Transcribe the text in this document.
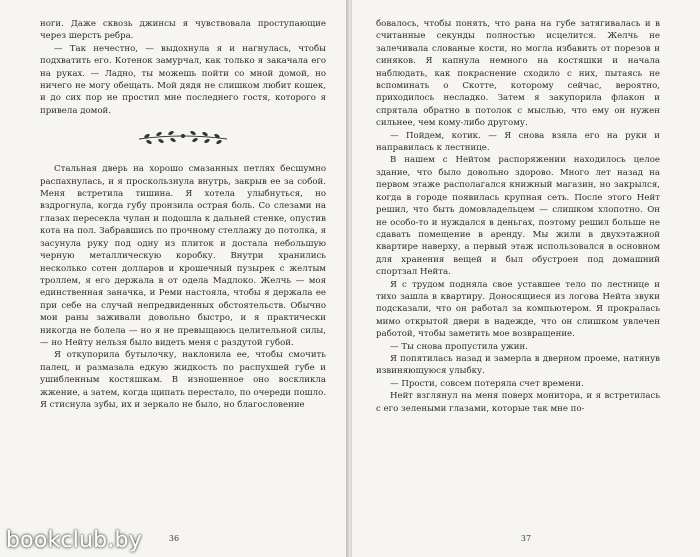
ноги. Даже сквозь джинсы я чувствовала проступающие через шерсть ребра.

— Так нечестно, — выдохнула я и нагнулась, чтобы подхватить его. Котенок замурчал, как только я закачала его на руках. — Ладно, ты можешь пойти со мной домой, но ничего не могу обещать. Мой дядя не слишком любит кошек, и до сих пор не простил мне последнего гостя, которого я привела домой.

Стальная дверь на хорошо смазанных петлях бесшумно распахнулась, и я проскользнула внутрь, закрыв ее за собой. Меня встретила тишина. Я хотела улыбнуться, но вздрогнула, когда губу пронзила острая боль. Со слезами на глазах пересекла чулан и подошла к дальней стенке, опустив кота на пол. Забравшись по прочному стеллажу до потолка, я засунула руку под одну из плиток и достала небольшую черную металлическую коробку. Внутри хранились несколько сотен долларов и крошечный пузырек с желтым троллем, я его держала в от одела Мадлоко. Желчь — моя единственная заначка, и Реми настояла, чтобы я держала ее при себе на случай непредвиденных обстоятельств. Обычно мои раны заживали довольно быстро, и я практически никогда не болела — но я не превыщаюсь целительной силы, — но Нейту нельзя было видеть меня с раздутой губой.

Я откупорила бутылочку, наклонила ее, чтобы смочить палец, и размазала едкую жидкость по распухшей губе и ушибленным костяшкам. В изношенное оно воскликла жжение, а затем, когда щипать перестало, по очереди пошло. Я стиснула зубы, их и зеркало не было, но благословение

36

бовалось, чтобы понять, что рана на губе затягивалась и в считанные секунды полностью исцелится. Желчь не залечивала слованые кости, но могла избавить от порезов и синяков. Я капнула немного на костяшки и начала наблюдать, как покраснение сходило с них, пытаясь не вспоминать о Скотте, которому сейчас, вероятно, приходилось несладко. Затем я закупорила флакон и спрятала обратно в потолок с мыслью, что ему он нужен сильнее, чем кому-либо другому.

— Пойдем, котик. — Я снова взяла его на руки и направилась к лестнице.

В нашем с Нейтом распоряжении находилось целое здание, что было довольно здорово. Много лет назад на первом этаже располагался книжный магазин, но закрылся, когда в городе появилась крупная сеть. После этого Нейт решил, что быть домовладельцем — слишком хлопотно. Он не особо-то и нуждался в деньгах, поэтому решил больше не сдавать помещение в аренду. Мы жили в двухэтажной квартире наверху, а первый этаж использовался в основном для хранения вещей и был обустроен под домашний спортзал Нейта.

Я с трудом подняла свое уставшее тело по лестнице и тихо зашла в квартиру. Доносящиеся из логова Нейта звуки подсказали, что он работал за компьютером. Я прокралась мимо открытой двери в надежде, что он слишком увлечен работой, чтобы заметить мое возвращение.

— Ты снова пропустила ужин.

Я попятилась назад и замерла в дверном проеме, натянув извиняющуюся улыбку.

— Прости, совсем потеряла счет времени.

Нейт взглянул на меня поверх монитора, и я встретилась с его зелеными глазами, которые так мне по-

37
bookclub.by
